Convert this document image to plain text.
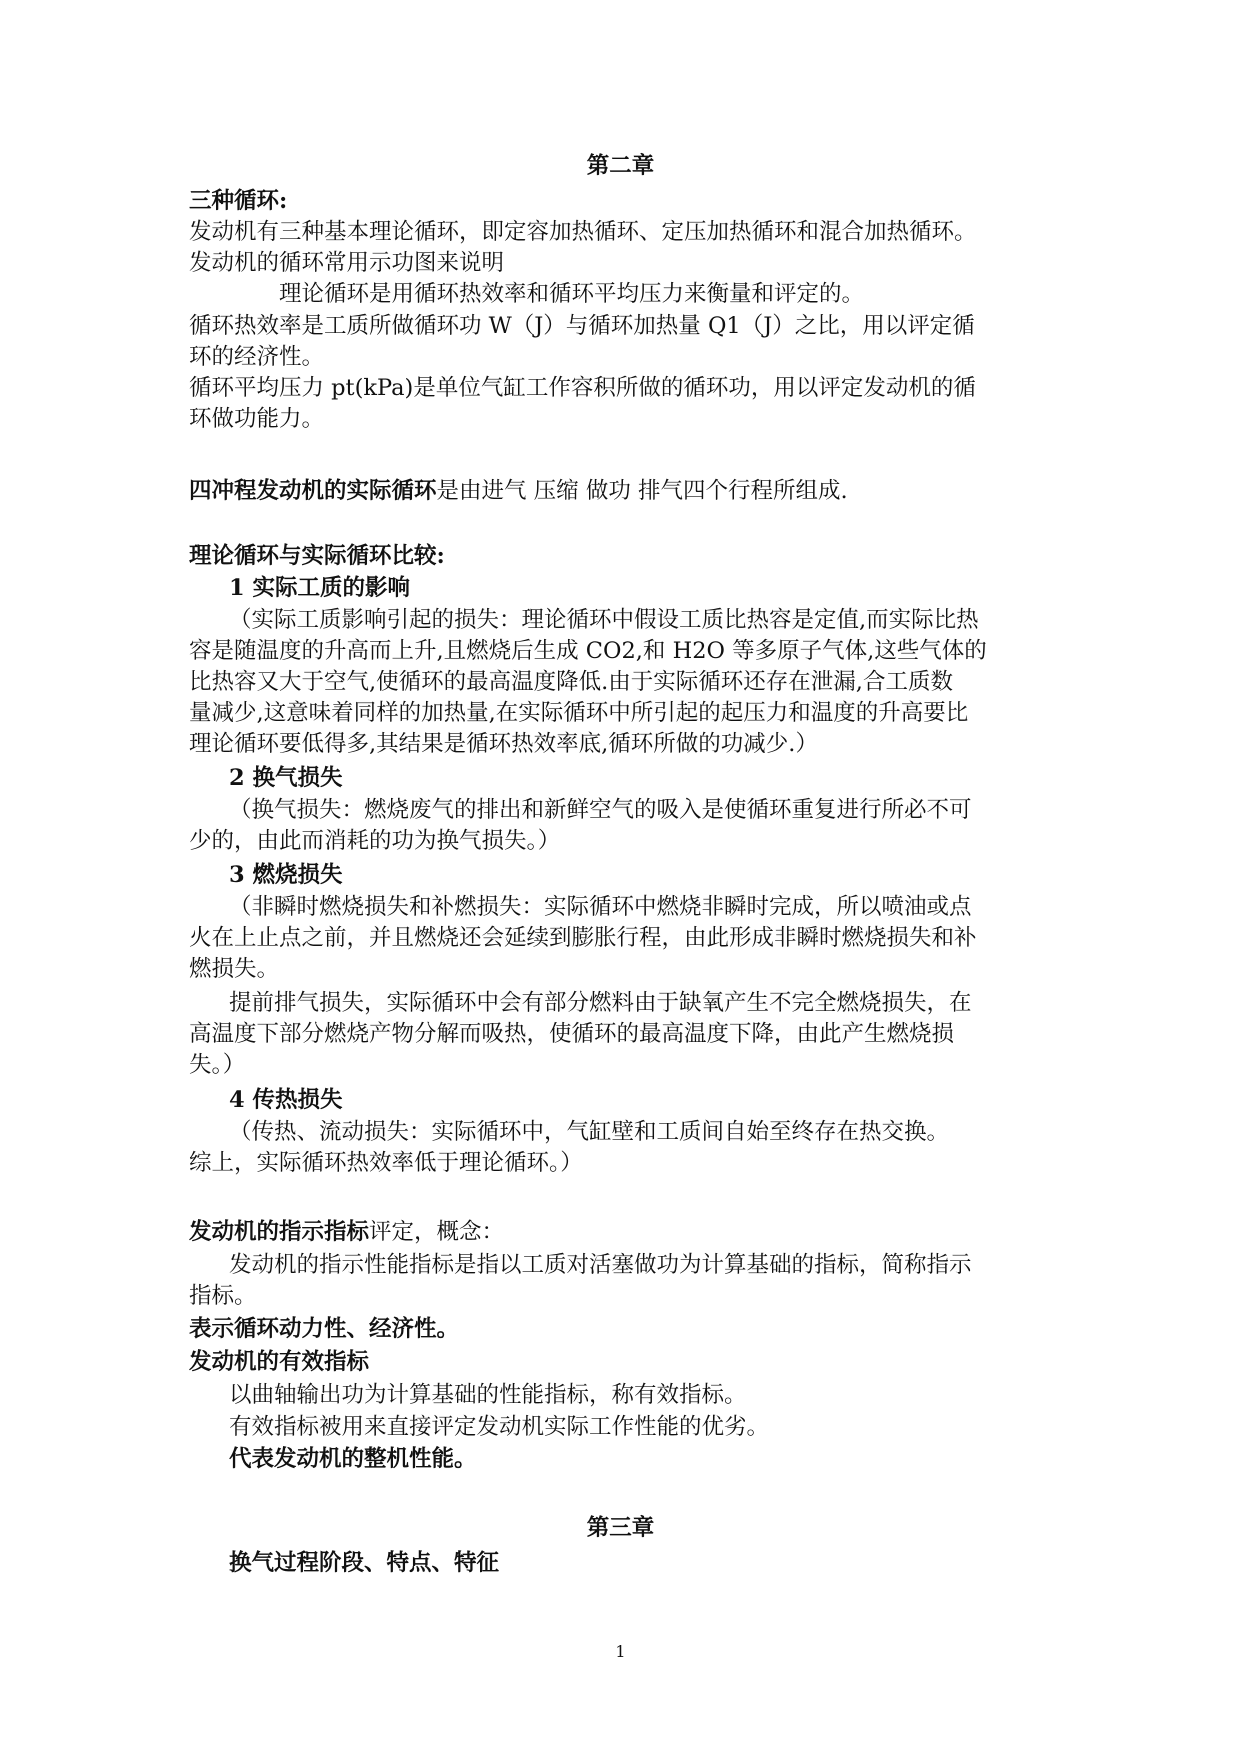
第二章
三种循环:
发动机有三种基本理论循环，即定容加热循环、定压加热循环和混合加热循环。
发动机的循环常用示功图来说明
理论循环是用循环热效率和循环平均压力来衡量和评定的。
循环热效率是工质所做循环功 W（J）与循环加热量 Q1（J）之比，用以评定循
环的经济性。
循环平均压力 pt(kPa)是单位气缸工作容积所做的循环功，用以评定发动机的循
环做功能力。
四冲程发动机的实际循环是由进气 压缩 做功 排气四个行程所组成.
理论循环与实际循环比较:
1 实际工质的影响
（实际工质影响引起的损失：理论循环中假设工质比热容是定值,而实际比热
容是随温度的升高而上升,且燃烧后生成 CO2,和 H2O 等多原子气体,这些气体的
比热容又大于空气,使循环的最高温度降低.由于实际循环还存在泄漏,合工质数
量减少,这意味着同样的加热量,在实际循环中所引起的起压力和温度的升高要比
理论循环要低得多,其结果是循环热效率底,循环所做的功减少.）
2 换气损失
（换气损失：燃烧废气的排出和新鲜空气的吸入是使循环重复进行所必不可
少的，由此而消耗的功为换气损失。）
3 燃烧损失
（非瞬时燃烧损失和补燃损失：实际循环中燃烧非瞬时完成，所以喷油或点
火在上止点之前，并且燃烧还会延续到膨胀行程，由此形成非瞬时燃烧损失和补
燃损失。
提前排气损失，实际循环中会有部分燃料由于缺氧产生不完全燃烧损失，在
高温度下部分燃烧产物分解而吸热，使循环的最高温度下降，由此产生燃烧损
失。）
4 传热损失
（传热、流动损失：实际循环中，气缸壁和工质间自始至终存在热交换。
综上，实际循环热效率低于理论循环。）
发动机的指示指标评定，概念：
发动机的指示性能指标是指以工质对活塞做功为计算基础的指标，简称指示
指标。
表示循环动力性、经济性。
发动机的有效指标
以曲轴输出功为计算基础的性能指标，称有效指标。
有效指标被用来直接评定发动机实际工作性能的优劣。
代表发动机的整机性能。
第三章
换气过程阶段、特点、特征
1
